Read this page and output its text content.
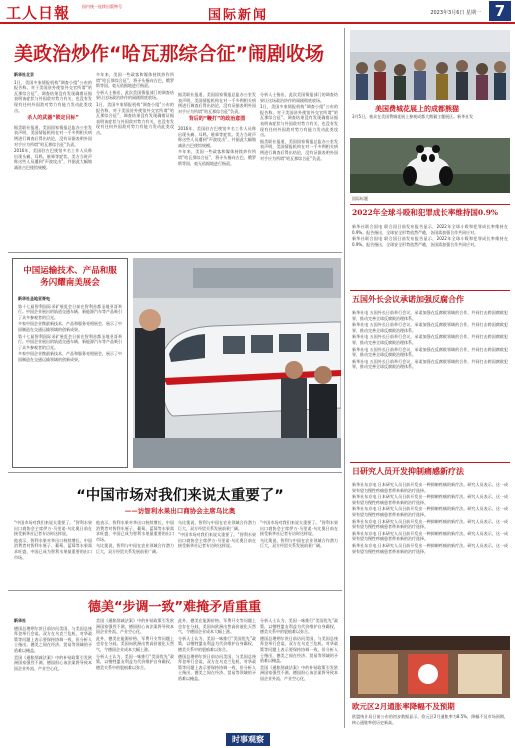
工人日報	国内统一连续出版物号
国际新闻	2023年3月6日 星期一 7
美政治炒作“哈瓦那综合征”闹剧收场
新华社北京

1日，美国多家情报机构“调查小组”公布的报告称，对于美国驻外使馆外交官所谓“哈瓦那综合征”，调查结果没有发现确凿证据表明该症状与外国敌对势力有关，也没有发现有任何外国敌对势力有能力发动此类攻击。

杀人的武器“锁定目标”

据美联社报道，美国国家情报总监办公室发表声明，美国情报机构在对一千多例相关病例进行调查后得出结论，没有证据表明外国对手应为所谓“哈瓦那综合征”负责。

2016年，美国驻古巴使馆多名工作人员称出现头痛、耳鸣、眩晕等症状。美方当时声称这些人员遭到“声波攻击”，并据此大幅缩减驻古巴使馆规模。

多年来，美国一些政客和媒体持续炒作所谓“哈瓦那综合征”，将矛头指向古巴、俄罗斯等国，毫无依据地进行指责。

分析人士指出，此次美国情报部门的调查结果让这场政治炒作的闹剧彻底收场。

1日，美国多家情报机构“调查小组”公布的报告称，对于美国驻外使馆外交官所谓“哈瓦那综合征”，调查结果没有发现确凿证据表明该症状与外国敌对势力有关，也没有发现有任何外国敌对势力有能力发动此类攻击。

据美联社报道，美国国家情报总监办公室发表声明，美国情报机构在对一千多例相关病例进行调查后得出结论，没有证据表明外国对手应为所谓“哈瓦那综合征”负责。

背后的“鞭打”的政治意图

2016年，美国驻古巴使馆多名工作人员称出现头痛、耳鸣、眩晕等症状。美方当时声称这些人员遭到“声波攻击”，并据此大幅缩减驻古巴使馆规模。

多年来，美国一些政客和媒体持续炒作所谓“哈瓦那综合征”，将矛头指向古巴、俄罗斯等国，毫无依据地进行指责。

分析人士指出，此次美国情报部门的调查结果让这场政治炒作的闹剧彻底收场。

1日，美国多家情报机构“调查小组”公布的报告称，对于美国驻外使馆外交官所谓“哈瓦那综合征”，调查结果没有发现确凿证据表明该症状与外国敌对势力有关，也没有发现有任何外国敌对势力有能力发动此类攻击。

据美联社报道，美国国家情报总监办公室发表声明，美国情报机构在对一千多例相关病例进行调查后得出结论，没有证据表明外国对手应为所谓“哈瓦那综合征”负责。

中国运输技术、产品和服务闪耀南美展会
新华社圣地亚哥电

第十七届智利国际采矿展览会日前在智利首都圣地亚哥举行。中国企业展出的轨道交通车辆、新能源汽车等产品吸引了众多参观者的目光。

多家中国企业携最新技术、产品和服务亮相展会，展示了中国制造在交通运输领域的创新成果。

第十七届智利国际采矿展览会日前在智利首都圣地亚哥举行。中国企业展出的轨道交通车辆、新能源汽车等产品吸引了众多参观者的目光。

多家中国企业携最新技术、产品和服务亮相展会，展示了中国制造在交通运输领域的创新成果。

“中国市场对我们来说太重要了”
——访智利水果出口商协会主席乌比奥

“中国市场对我们来说太重要了。”智利水果出口商协会主席伊万·马里诺·乌比奥日前在接受新华社记者专访时这样说。

他表示，智利水果对华出口持续增长，中国消费者对智利车厘子、葡萄、蓝莓等水果需求旺盛，中国已成为智利水果最重要的出口市场。

他表示，智利水果对华出口持续增长，中国消费者对智利车厘子、葡萄、蓝莓等水果需求旺盛，中国已成为智利水果最重要的出口市场。

乌比奥说，智利与中国在农业领域合作潜力巨大，双方经贸关系发展前景广阔。

乌比奥说，智利与中国在农业领域合作潜力巨大，双方经贸关系发展前景广阔。

“中国市场对我们来说太重要了。”智利水果出口商协会主席伊万·马里诺·乌比奥日前在接受新华社记者专访时这样说。

“中国市场对我们来说太重要了。”智利水果出口商协会主席伊万·马里诺·乌比奥日前在接受新华社记者专访时这样说。

乌比奥说，智利与中国在农业领域合作潜力巨大，双方经贸关系发展前景广阔。

德美“步调一致”难掩矛盾重重
新华社

德国总理朔尔茨日前访问美国，与美国总统拜登举行会谈。双方在乌克兰危机、对华政策等问题上表示要保持协调一致，但分析人士指出，德美之间在经济、贸易等领域的矛盾难以掩盖。

美国《通胀削减法案》中的补贴政策引发欧洲国家强烈不满，德国担心该法案将导致本国企业外流、产业空心化。

美国《通胀削减法案》中的补贴政策引发欧洲国家强烈不满，德国担心该法案将导致本国企业外流、产业空心化。

此外，德美在能源价格、军费开支等问题上也存在分歧。美国向欧洲出售高价液化天然气，令德国企业成本大幅上涨。

分析人士认为，美国一味推行“美国优先”政策，以牺牲盟友利益为代价维护自身霸权，德美关系中的裂痕难以弥合。

此外，德美在能源价格、军费开支等问题上也存在分歧。美国向欧洲出售高价液化天然气，令德国企业成本大幅上涨。

分析人士认为，美国一味推行“美国优先”政策，以牺牲盟友利益为代价维护自身霸权，德美关系中的裂痕难以弥合。

德国总理朔尔茨日前访问美国，与美国总统拜登举行会谈。双方在乌克兰危机、对华政策等问题上表示要保持协调一致，但分析人士指出，德美之间在经济、贸易等领域的矛盾难以掩盖。

分析人士认为，美国一味推行“美国优先”政策，以牺牲盟友利益为代价维护自身霸权，德美关系中的裂痕难以弥合。

德国总理朔尔茨日前访问美国，与美国总统拜登举行会谈。双方在乌克兰危机、对华政策等问题上表示要保持协调一致，但分析人士指出，德美之间在经济、贸易等领域的矛盾难以掩盖。

美国《通胀削减法案》中的补贴政策引发欧洲国家强烈不满，德国担心该法案将导致本国企业外流、产业空心化。

美国费城花展上的成都熊猫
3月5日，观众在美国费城花展上参观成都大熊猫主题展区。新华社发
国际标题
2022年全球斗殴和犯罪成长率维持国0.9%

新华社联合国电 联合国日前发布报告显示，2022年全球斗殴和犯罪成长率维持在0.9%。报告指出，全球安全形势依然严峻，各国需加强合作共同应对。

新华社联合国电 联合国日前发布报告显示，2022年全球斗殴和犯罪成长率维持在0.9%。报告指出，全球安全形势依然严峻，各国需加强合作共同应对。

五国外长会议承诺加强反腐合作

新华社电 五国外长日前举行会议，承诺加强在反腐败领域的合作，共同打击跨国腐败犯罪，推动完善全球反腐败治理体系。

新华社电 五国外长日前举行会议，承诺加强在反腐败领域的合作，共同打击跨国腐败犯罪，推动完善全球反腐败治理体系。

新华社电 五国外长日前举行会议，承诺加强在反腐败领域的合作，共同打击跨国腐败犯罪，推动完善全球反腐败治理体系。

新华社电 五国外长日前举行会议，承诺加强在反腐败领域的合作，共同打击跨国腐败犯罪，推动完善全球反腐败治理体系。

新华社电 五国外长日前举行会议，承诺加强在反腐败领域的合作，共同打击跨国腐败犯罪，推动完善全球反腐败治理体系。

日研究人员开发抑制痛感新疗法

新华社东京电 日本研究人员日前开发出一种抑制疼痛的新疗法。研究人员表示，这一成果有望为慢性疼痛患者带来新的治疗选择。

新华社东京电 日本研究人员日前开发出一种抑制疼痛的新疗法。研究人员表示，这一成果有望为慢性疼痛患者带来新的治疗选择。

新华社东京电 日本研究人员日前开发出一种抑制疼痛的新疗法。研究人员表示，这一成果有望为慢性疼痛患者带来新的治疗选择。

新华社东京电 日本研究人员日前开发出一种抑制疼痛的新疗法。研究人员表示，这一成果有望为慢性疼痛患者带来新的治疗选择。

新华社东京电 日本研究人员日前开发出一种抑制疼痛的新疗法。研究人员表示，这一成果有望为慢性疼痛患者带来新的治疗选择。

新华社东京电 日本研究人员日前开发出一种抑制疼痛的新疗法。研究人员表示，这一成果有望为慢性疼痛患者带来新的治疗选择。

欧元区2月通胀率降幅不及预期

欧盟统计局日前公布的初步数据显示，欧元区2月通胀率为8.5%，降幅不及市场预期，核心通胀率创历史新高。

时事观察
